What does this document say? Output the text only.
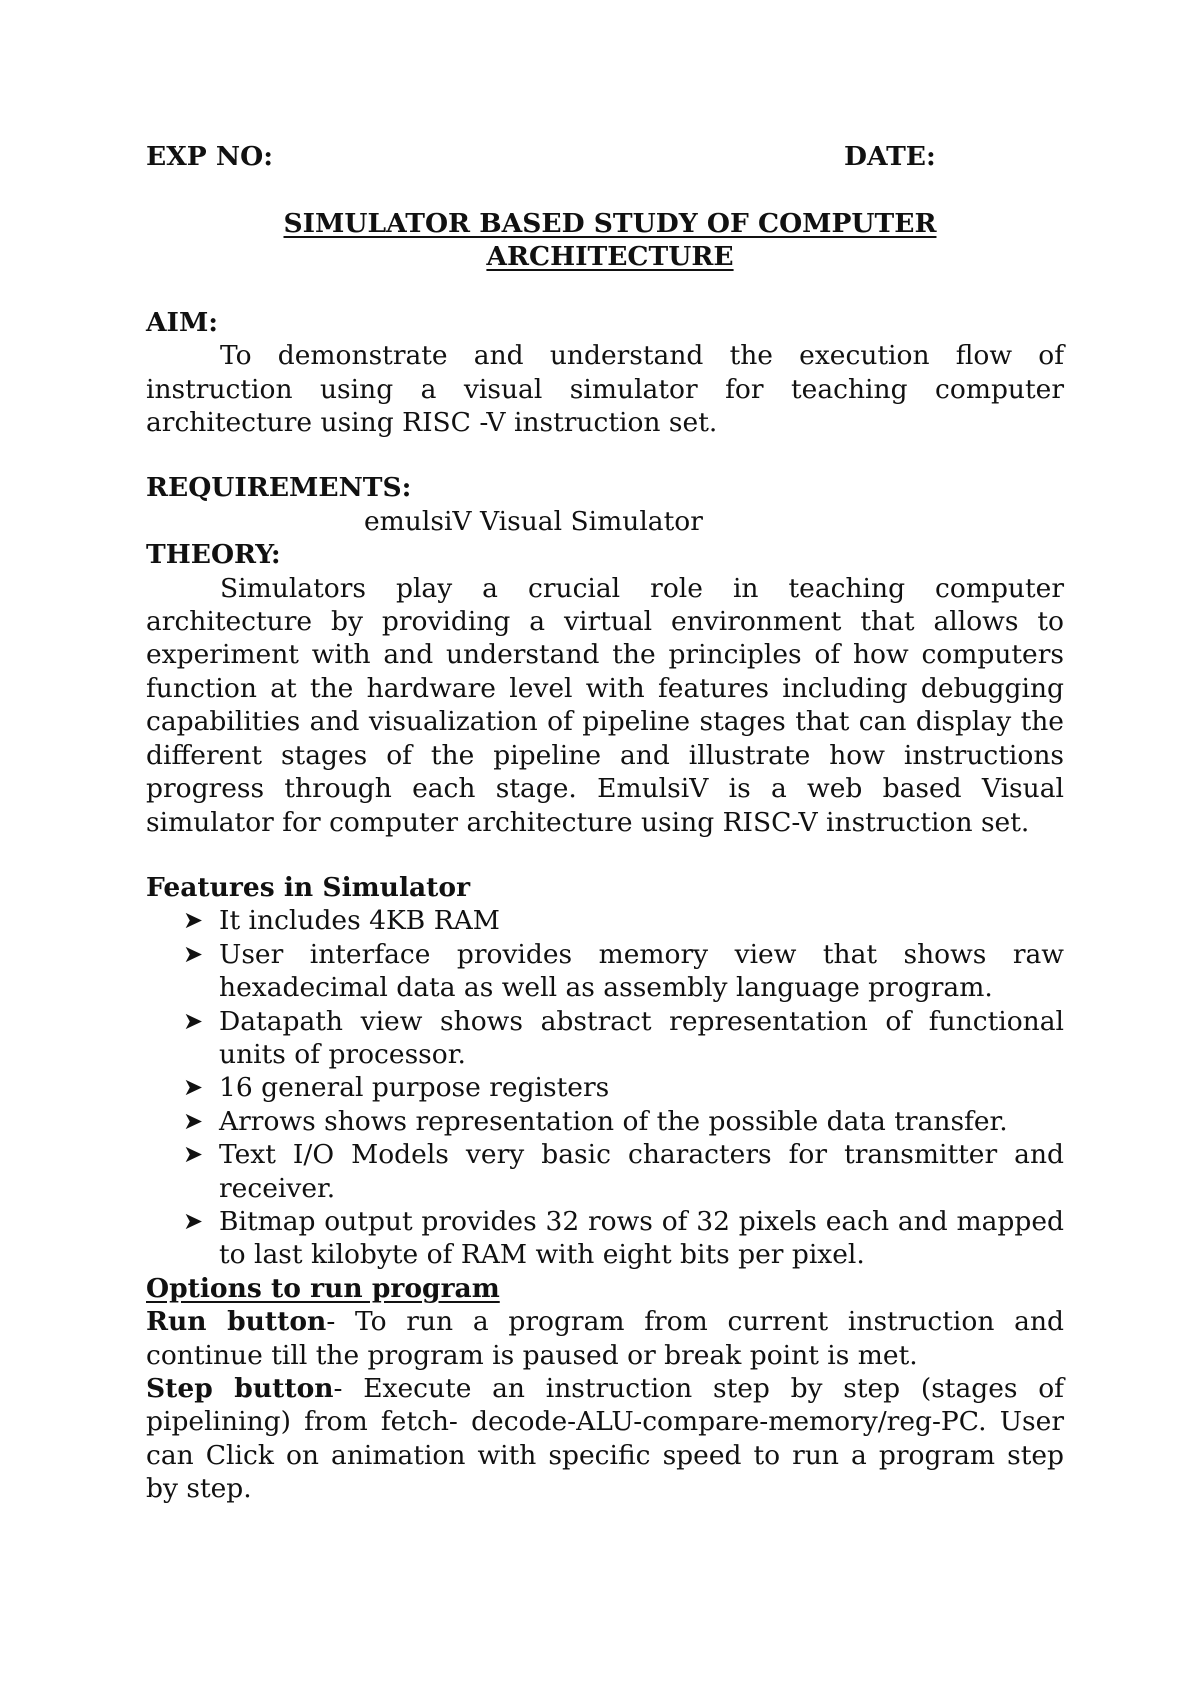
EXP NO:	DATE:
SIMULATOR BASED STUDY OF COMPUTER ARCHITECTURE
AIM:
To demonstrate and understand the execution flow of instruction using a visual simulator for teaching computer architecture using RISC -V instruction set.
REQUIREMENTS:
emulsiV Visual Simulator
THEORY:
Simulators play a crucial role in teaching computer architecture by providing a virtual environment that allows to experiment with and understand the principles of how computers function at the hardware level with features including debugging capabilities and visualization of pipeline stages that can display the different stages of the pipeline and illustrate how instructions progress through each stage. EmulsiV is a web based Visual simulator for computer architecture using RISC-V instruction set.
Features in Simulator
➤ It includes 4KB RAM
➤ User interface provides memory view that shows raw hexadecimal data as well as assembly language program.
➤ Datapath view shows abstract representation of functional units of processor.
➤ 16 general purpose registers
➤ Arrows shows representation of the possible data transfer.
➤ Text I/O Models very basic characters for transmitter and receiver.
➤ Bitmap output provides 32 rows of 32 pixels each and mapped to last kilobyte of RAM with eight bits per pixel.
Options to run program
Run button- To run a program from current instruction and continue till the program is paused or break point is met.
Step button- Execute an instruction step by step (stages of pipelining) from fetch- decode-ALU-compare-memory/reg-PC. User can Click on animation with specific speed to run a program step by step.
